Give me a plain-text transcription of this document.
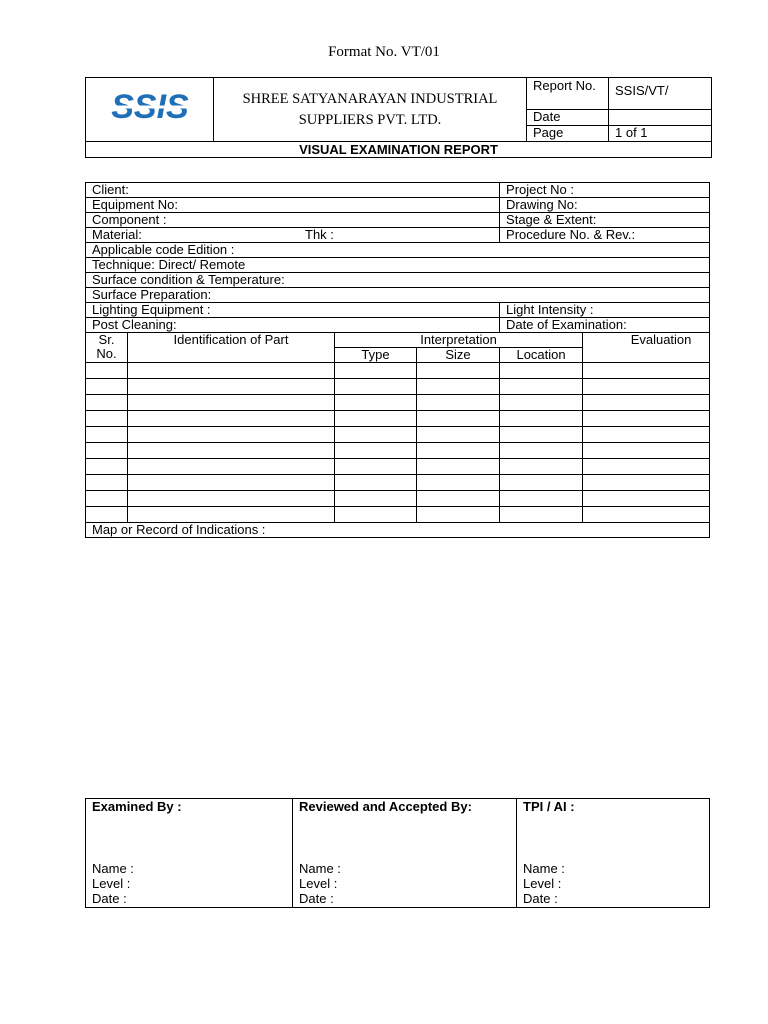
Format No. VT/01
SSIS	SHREE SATYANARAYAN INDUSTRIAL
SUPPLIERS PVT. LTD.	Report No.	SSIS/VT/
		Date	
		Page	1 of 1
VISUAL EXAMINATION REPORT			
Client:				Project No :	
Equipment No:				Drawing No:	
Component :				Stage & Extent:	
Material: Thk :				Procedure No. & Rev.:	
Applicable code Edition :					
Technique: Direct/ Remote					
Surface condition & Temperature:					
Surface Preparation:					
Lighting Equipment :				Light Intensity :	
Post Cleaning:				Date of Examination:	

Sr.
No.	Identification of Part	Interpretation			Evaluation
		Type	Size	Location	

Map or Record of Indications :					
Examined By :
Name :
Level :
Date :

Reviewed and Accepted By:
Name :
Level :
Date :

TPI / AI :
Name :
Level :
Date :
